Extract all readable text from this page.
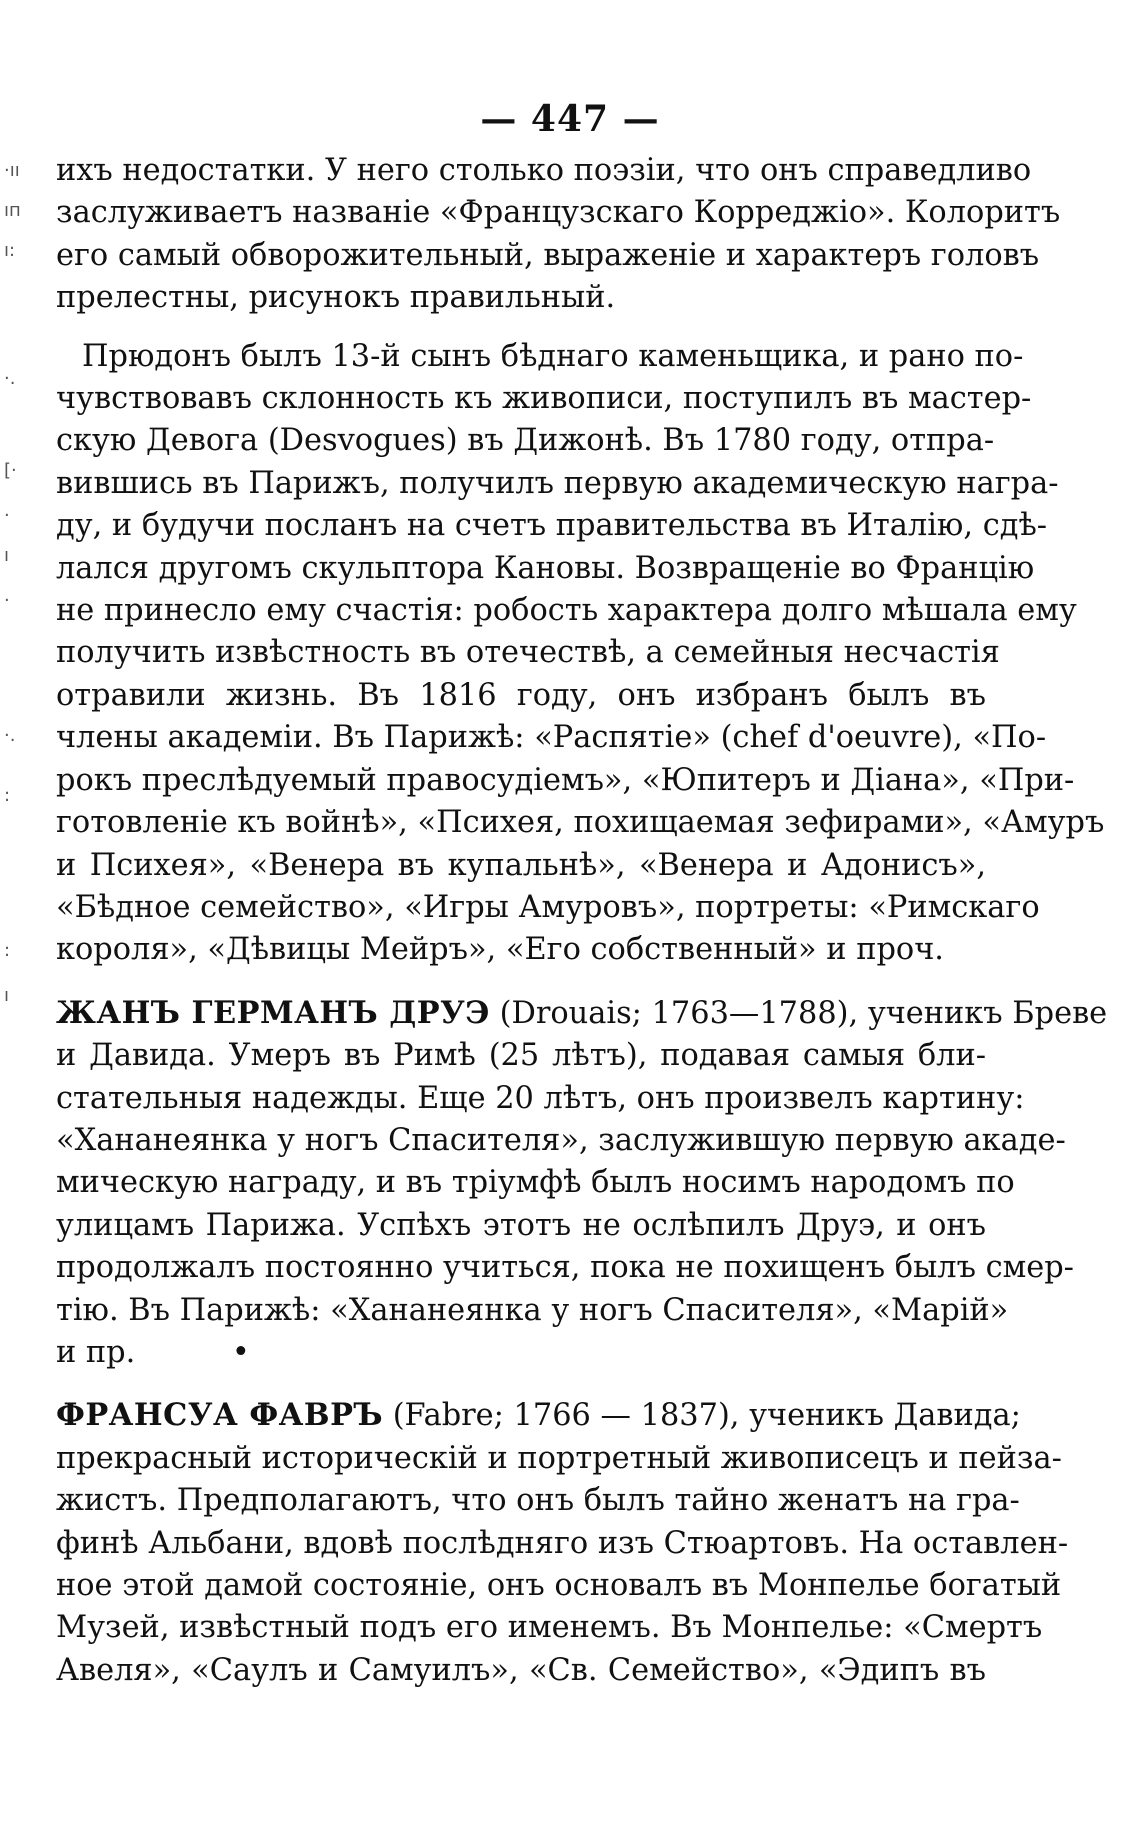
— 447 —
·ıı
ıп
ı:
·.
[·
·
ı
·
·.
:
:
ı

ихъ недостатки. У него столько поэзіи, что онъ справедливо
заслуживаетъ названіе «Французскаго Корреджіо». Колоритъ
его самый обворожительный, выраженіе и характеръ головъ
прелестны, рисунокъ правильный.

Прюдонъ былъ 13-й сынъ бѣднаго каменьщика, и рано по-
чувствовавъ склонность къ живописи, поступилъ въ мастер-
скую Девога (Desvogues) въ Дижонѣ. Въ 1780 году, отпра-
вившись въ Парижъ, получилъ первую академическую награ-
ду, и будучи посланъ на счетъ правительства въ Италію, сдѣ-
лался другомъ скульптора Кановы. Возвращеніе во Францію
не принесло ему счастія: робость характера долго мѣшала ему
получить извѣстность въ отечествѣ, а семейныя несчастія
отравили жизнь. Въ 1816 году, онъ избранъ былъ въ
члены академіи. Въ Парижѣ: «Распятіе» (chef d'oeuvre), «По-
рокъ преслѣдуемый правосудіемъ», «Юпитеръ и Діана», «При-
готовленіе къ войнѣ», «Психея, похищаемая зефирами», «Амуръ
и Психея», «Венера въ купальнѣ», «Венера и Адонисъ»,
«Бѣдное семейство», «Игры Амуровъ», портреты: «Римскаго
короля», «Дѣвицы Мейръ», «Его собственный» и проч.

ЖАНЪ ГЕРМАНЪ ДРУЭ (Drouais; 1763—1788), ученикъ Бреве
и Давида. Умеръ въ Римѣ (25 лѣтъ), подавая самыя бли-
стательныя надежды. Еще 20 лѣтъ, онъ произвелъ картину:
«Хананеянка у ногъ Спасителя», заслужившую первую акаде-
мическую награду, и въ тріумфѣ былъ носимъ народомъ по
улицамъ Парижа. Успѣхъ этотъ не ослѣпилъ Друэ, и онъ
продолжалъ постоянно учиться, пока не похищенъ былъ смер-
тію. Въ Парижѣ: «Хананеянка у ногъ Спасителя», «Марій»
и пр.          •

ФРАНСУА ФАВРЪ (Fabre; 1766 — 1837), ученикъ Давида;
прекрасный историческій и портретный живописецъ и пейза-
жистъ. Предполагаютъ, что онъ былъ тайно женатъ на гра-
финѣ Альбани, вдовѣ послѣдняго изъ Стюартовъ. На оставлен-
ное этой дамой состояніе, онъ основалъ въ Монпелье богатый
Музей, извѣстный подъ его именемъ. Въ Монпелье: «Смертъ
Авеля», «Саулъ и Самуилъ», «Св. Семейство», «Эдипъ въ
